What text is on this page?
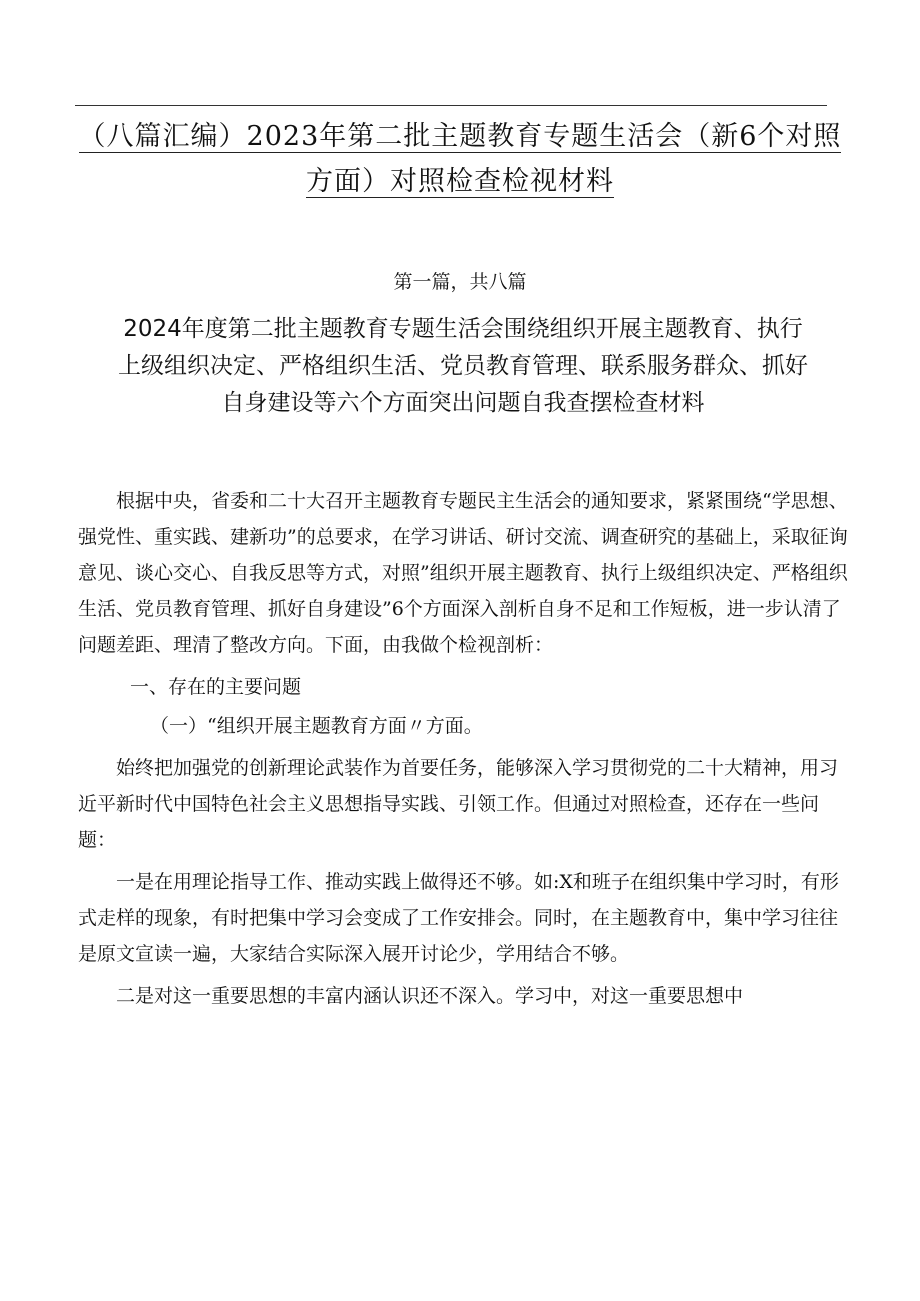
（八篇汇编）2023年第二批主题教育专题生活会（新6个对照方面）对照检查检视材料
第一篇，共八篇
2024年度第二批主题教育专题生活会围绕组织开展主题教育、执行上级组织决定、严格组织生活、党员教育管理、联系服务群众、抓好自身建设等六个方面突出问题自我查摆检查材料

根据中央，省委和二十大召开主题教育专题民主生活会的通知要求，紧紧围绕“学思想、强党性、重实践、建新功”的总要求，在学习讲话、研讨交流、调查研究的基础上，采取征询意见、谈心交心、自我反思等方式，对照”组织开展主题教育、执行上级组织决定、严格组织生活、党员教育管理、抓好自身建设”6个方面深入剖析自身不足和工作短板，进一步认清了问题差距、理清了整改方向。下面，由我做个检视剖析：

一、存在的主要问题

（一）“组织开展主题教育方面〃方面。

始终把加强党的创新理论武装作为首要任务，能够深入学习贯彻党的二十大精神，用习近平新时代中国特色社会主义思想指导实践、引领工作。但通过对照检查，还存在一些问题：

一是在用理论指导工作、推动实践上做得还不够。如:X和班子在组织集中学习时，有形式走样的现象，有时把集中学习会变成了工作安排会。同时，在主题教育中，集中学习往往是原文宣读一遍，大家结合实际深入展开讨论少，学用结合不够。

二是对这一重要思想的丰富内涵认识还不深入。学习中，对这一重要思想中
